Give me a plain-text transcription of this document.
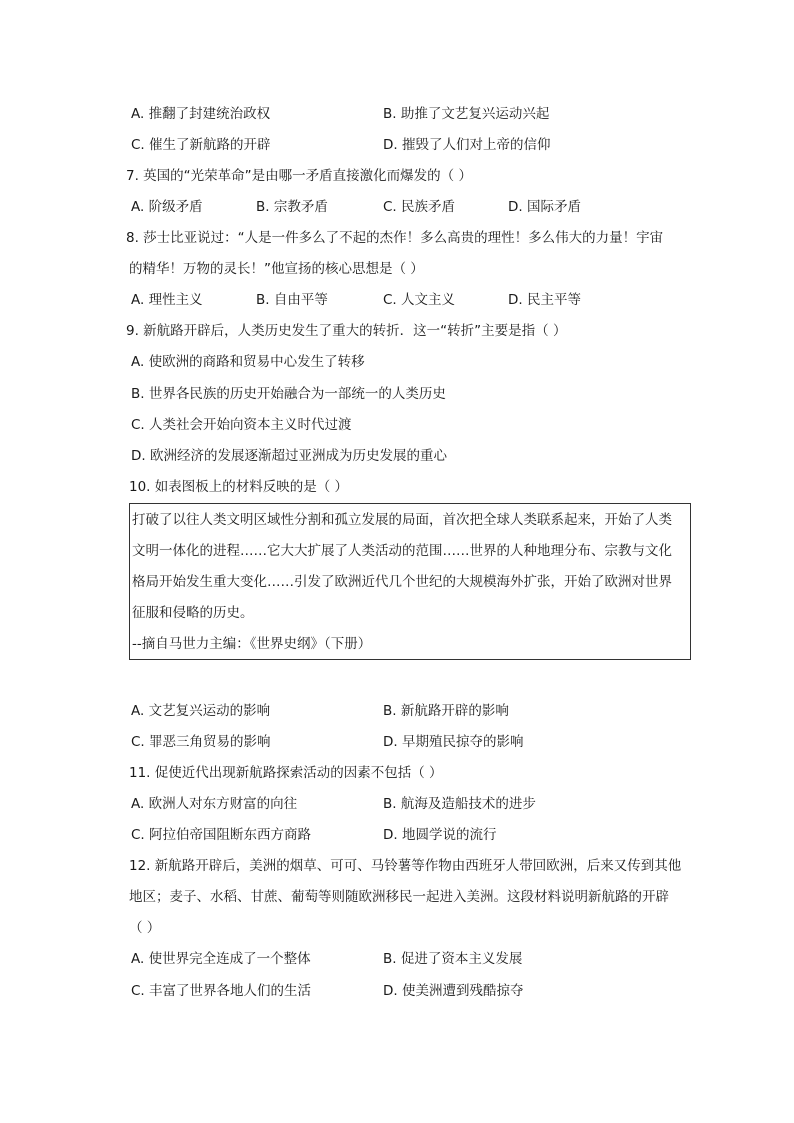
A. 推翻了封建统治政权	B. 助推了文艺复兴运动兴起
C. 催生了新航路的开辟	D. 摧毁了人们对上帝的信仰
7. 英国的“光荣革命”是由哪一矛盾直接激化而爆发的（ ）
A. 阶级矛盾	B. 宗教矛盾	C. 民族矛盾	D. 国际矛盾
8. 莎士比亚说过：“人是一件多么了不起的杰作！多么高贵的理性！多么伟大的力量！宇宙
的精华！万物的灵长！”他宣扬的核心思想是（ ）
A. 理性主义	B. 自由平等	C. 人文主义	D. 民主平等
9. 新航路开辟后，人类历史发生了重大的转折．这一“转折”主要是指（ ）
A. 使欧洲的商路和贸易中心发生了转移
B. 世界各民族的历史开始融合为一部统一的人类历史
C. 人类社会开始向资本主义时代过渡
D. 欧洲经济的发展逐渐超过亚洲成为历史发展的重心
10. 如表图板上的材料反映的是（ ）
打破了以往人类文明区域性分割和孤立发展的局面，首次把全球人类联系起来，开始了人类
文明一体化的进程……它大大扩展了人类活动的范围……世界的人种地理分布、宗教与文化
格局开始发生重大变化……引发了欧洲近代几个世纪的大规模海外扩张，开始了欧洲对世界
征服和侵略的历史。
--摘自马世力主编：《世界史纲》（下册）
A. 文艺复兴运动的影响	B. 新航路开辟的影响
C. 罪恶三角贸易的影响	D. 早期殖民掠夺的影响
11. 促使近代出现新航路探索活动的因素不包括（ ）
A. 欧洲人对东方财富的向往	B. 航海及造船技术的进步
C. 阿拉伯帝国阻断东西方商路	D. 地圆学说的流行
12. 新航路开辟后，美洲的烟草、可可、马铃薯等作物由西班牙人带回欧洲，后来又传到其他
地区；麦子、水稻、甘蔗、葡萄等则随欧洲移民一起进入美洲。这段材料说明新航路的开辟
（ ）
A. 使世界完全连成了一个整体	B. 促进了资本主义发展
C. 丰富了世界各地人们的生活	D. 使美洲遭到残酷掠夺
